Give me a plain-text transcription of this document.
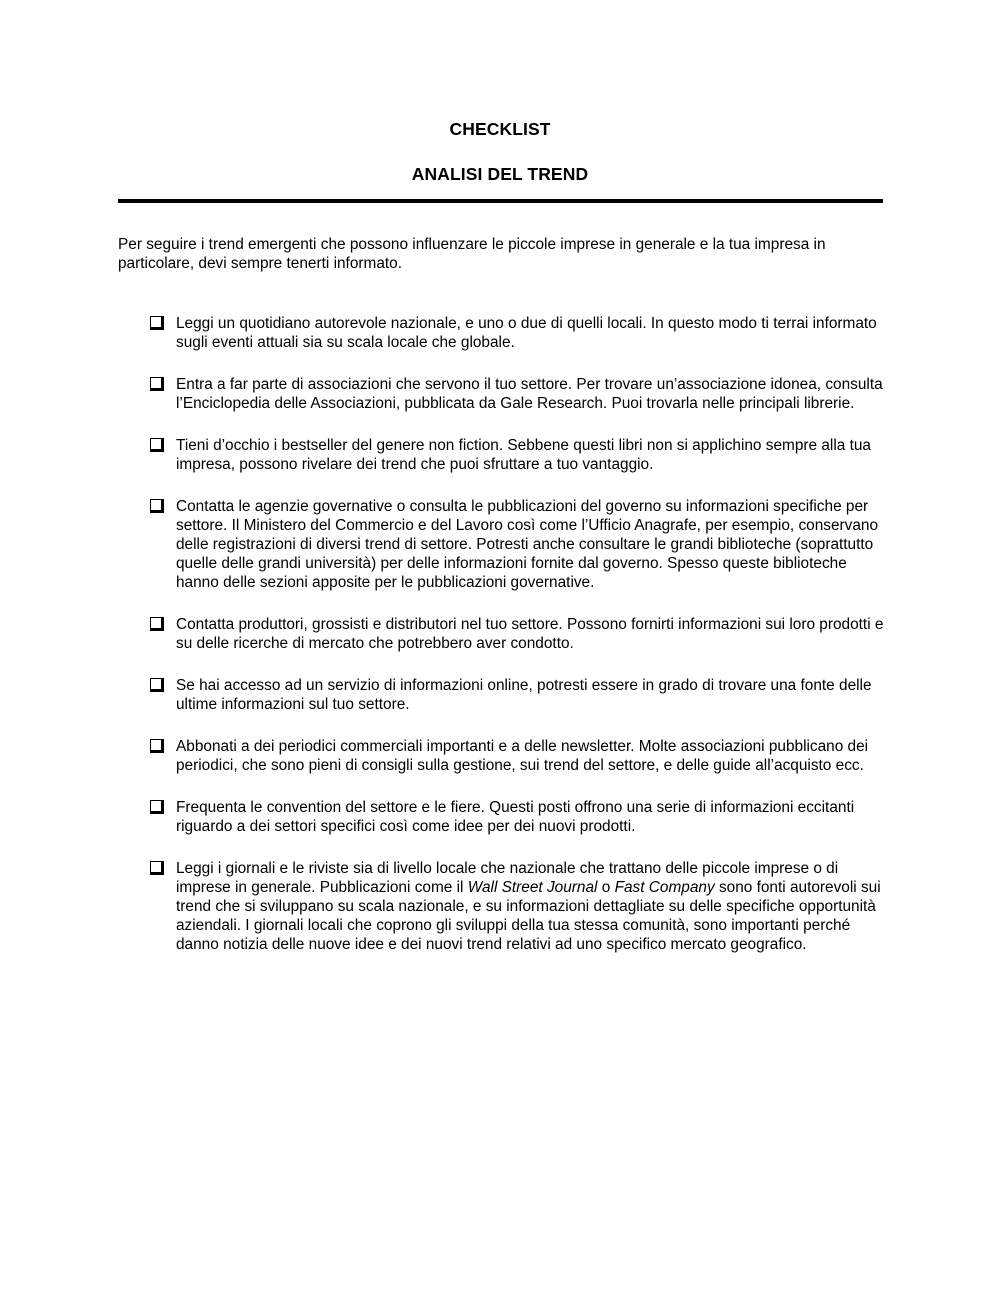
CHECKLIST
ANALISI DEL TREND

Per seguire i trend emergenti che possono influenzare le piccole imprese in generale e la tua impresa in particolare, devi sempre tenerti informato.

Leggi un quotidiano autorevole nazionale, e uno o due di quelli locali. In questo modo ti terrai informato sugli eventi attuali sia su scala locale che globale.
Entra a far parte di associazioni che servono il tuo settore. Per trovare un’associazione idonea, consulta l’Enciclopedia delle Associazioni, pubblicata da Gale Research. Puoi trovarla nelle principali librerie.
Tieni d’occhio i bestseller del genere non fiction. Sebbene questi libri non si applichino sempre alla tua impresa, possono rivelare dei trend che puoi sfruttare a tuo vantaggio.
Contatta le agenzie governative o consulta le pubblicazioni del governo su informazioni specifiche per settore. Il Ministero del Commercio e del Lavoro così come l’Ufficio Anagrafe, per esempio, conservano delle registrazioni di diversi trend di settore. Potresti anche consultare le grandi biblioteche (soprattutto quelle delle grandi università) per delle informazioni fornite dal governo. Spesso queste biblioteche hanno delle sezioni apposite per le pubblicazioni governative.
Contatta produttori, grossisti e distributori nel tuo settore. Possono fornirti informazioni sui loro prodotti e su delle ricerche di mercato che potrebbero aver condotto.
Se hai accesso ad un servizio di informazioni online, potresti essere in grado di trovare una fonte delle ultime informazioni sul tuo settore.
Abbonati a dei periodici commerciali importanti e a delle newsletter. Molte associazioni pubblicano dei periodici, che sono pieni di consigli sulla gestione, sui trend del settore, e delle guide all’acquisto ecc.
Frequenta le convention del settore e le fiere. Questi posti offrono una serie di informazioni eccitanti riguardo a dei settori specifici così come idee per dei nuovi prodotti.
Leggi i giornali e le riviste sia di livello locale che nazionale che trattano delle piccole imprese o di imprese in generale. Pubblicazioni come il Wall Street Journal o Fast Company sono fonti autorevoli sui trend che si sviluppano su scala nazionale, e su informazioni dettagliate su delle specifiche opportunità aziendali. I giornali locali che coprono gli sviluppi della tua stessa comunità, sono importanti perché danno notizia delle nuove idee e dei nuovi trend relativi ad uno specifico mercato geografico.
